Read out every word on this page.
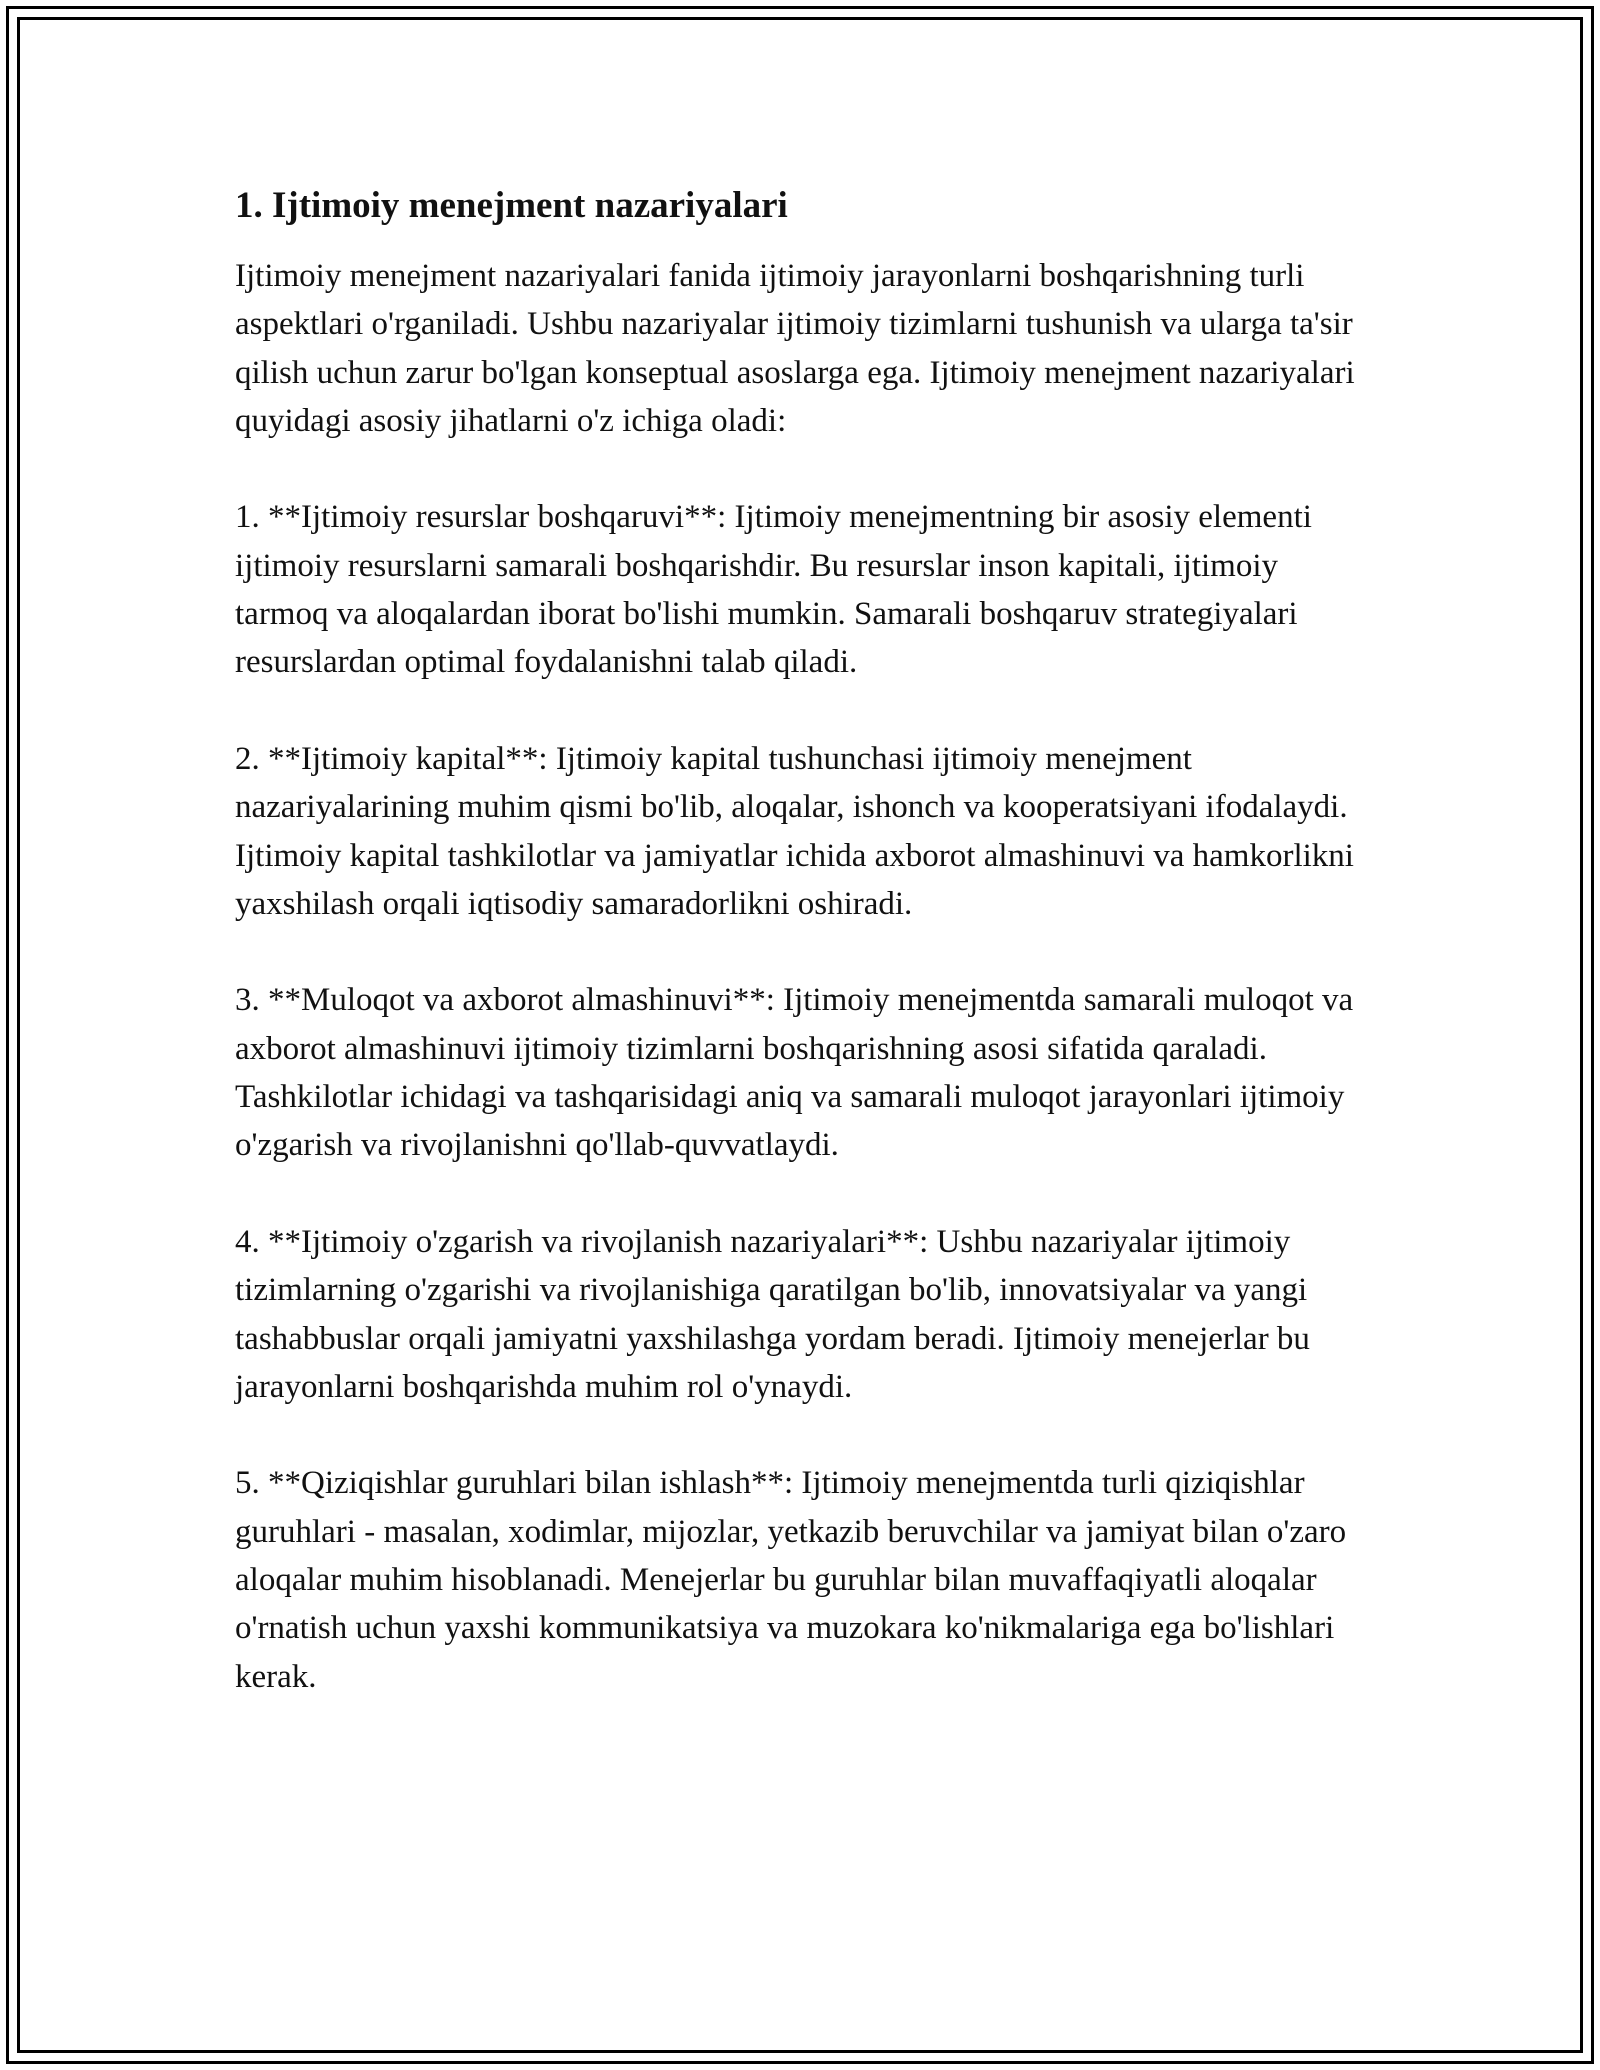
1. Ijtimoiy menejment nazariyalari

Ijtimoiy menejment nazariyalari fanida ijtimoiy jarayonlarni boshqarishning turli aspektlari o'rganiladi. Ushbu nazariyalar ijtimoiy tizimlarni tushunish va ularga ta'sir qilish uchun zarur bo'lgan konseptual asoslarga ega. Ijtimoiy menejment nazariyalari quyidagi asosiy jihatlarni o'z ichiga oladi:

1. **Ijtimoiy resurslar boshqaruvi**: Ijtimoiy menejmentning bir asosiy elementi ijtimoiy resurslarni samarali boshqarishdir. Bu resurslar inson kapitali, ijtimoiy tarmoq va aloqalardan iborat bo'lishi mumkin. Samarali boshqaruv strategiyalari resurslardan optimal foydalanishni talab qiladi.

2. **Ijtimoiy kapital**: Ijtimoiy kapital tushunchasi ijtimoiy menejment nazariyalarining muhim qismi bo'lib, aloqalar, ishonch va kooperatsiyani ifodalaydi. Ijtimoiy kapital tashkilotlar va jamiyatlar ichida axborot almashinuvi va hamkorlikni yaxshilash orqali iqtisodiy samaradorlikni oshiradi.

3. **Muloqot va axborot almashinuvi**: Ijtimoiy menejmentda samarali muloqot va axborot almashinuvi ijtimoiy tizimlarni boshqarishning asosi sifatida qaraladi. Tashkilotlar ichidagi va tashqarisidagi aniq va samarali muloqot jarayonlari ijtimoiy o'zgarish va rivojlanishni qo'llab-quvvatlaydi.

4. **Ijtimoiy o'zgarish va rivojlanish nazariyalari**: Ushbu nazariyalar ijtimoiy tizimlarning o'zgarishi va rivojlanishiga qaratilgan bo'lib, innovatsiyalar va yangi tashabbuslar orqali jamiyatni yaxshilashga yordam beradi. Ijtimoiy menejerlar bu jarayonlarni boshqarishda muhim rol o'ynaydi.

5. **Qiziqishlar guruhlari bilan ishlash**: Ijtimoiy menejmentda turli qiziqishlar guruhlari - masalan, xodimlar, mijozlar, yetkazib beruvchilar va jamiyat bilan o'zaro aloqalar muhim hisoblanadi. Menejerlar bu guruhlar bilan muvaffaqiyatli aloqalar o'rnatish uchun yaxshi kommunikatsiya va muzokara ko'nikmalariga ega bo'lishlari kerak.
